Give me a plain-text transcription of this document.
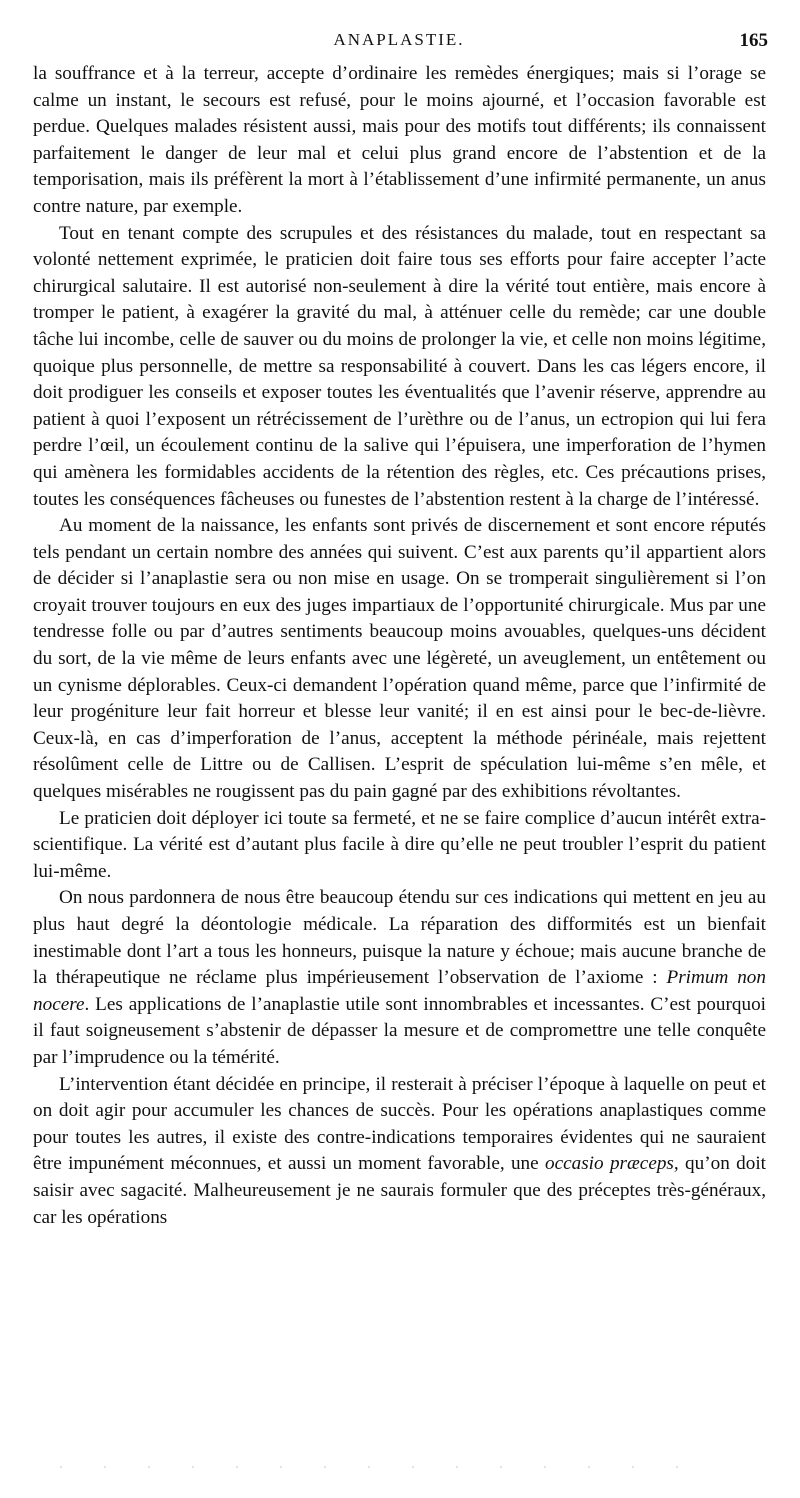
ANAPLASTIE.	165

la souffrance et à la terreur, accepte d’ordinaire les remèdes énergiques; mais si l’orage se calme un instant, le secours est refusé, pour le moins ajourné, et l’occasion favorable est perdue. Quelques malades résistent aussi, mais pour des motifs tout différents; ils connaissent parfaitement le danger de leur mal et celui plus grand encore de l’abstention et de la temporisation, mais ils préfèrent la mort à l’établissement d’une infirmité permanente, un anus contre nature, par exemple.

Tout en tenant compte des scrupules et des résistances du malade, tout en respectant sa volonté nettement exprimée, le praticien doit faire tous ses efforts pour faire accepter l’acte chirurgical salutaire. Il est autorisé non-seulement à dire la vérité tout entière, mais encore à tromper le patient, à exagérer la gravité du mal, à atténuer celle du remède; car une double tâche lui incombe, celle de sauver ou du moins de prolonger la vie, et celle non moins légitime, quoique plus personnelle, de mettre sa responsabilité à couvert. Dans les cas légers encore, il doit prodiguer les conseils et exposer toutes les éventualités que l’avenir réserve, apprendre au patient à quoi l’exposent un rétrécissement de l’urèthre ou de l’anus, un ectropion qui lui fera perdre l’œil, un écoulement continu de la salive qui l’épuisera, une imperforation de l’hymen qui amènera les formidables accidents de la rétention des règles, etc. Ces précautions prises, toutes les conséquences fâcheuses ou funestes de l’abstention restent à la charge de l’intéressé.

Au moment de la naissance, les enfants sont privés de discernement et sont encore réputés tels pendant un certain nombre des années qui suivent. C’est aux parents qu’il appartient alors de décider si l’anaplastie sera ou non mise en usage. On se tromperait singulièrement si l’on croyait trouver toujours en eux des juges impartiaux de l’opportunité chirurgicale. Mus par une tendresse folle ou par d’autres sentiments beaucoup moins avouables, quelques-uns décident du sort, de la vie même de leurs enfants avec une légèreté, un aveuglement, un entêtement ou un cynisme déplorables. Ceux-ci demandent l’opération quand même, parce que l’infirmité de leur progéniture leur fait horreur et blesse leur vanité; il en est ainsi pour le bec-de-lièvre. Ceux-là, en cas d’imperforation de l’anus, acceptent la méthode périnéale, mais rejettent résolûment celle de Littre ou de Callisen. L’esprit de spéculation lui-même s’en mêle, et quelques misérables ne rougissent pas du pain gagné par des exhibitions révoltantes.

Le praticien doit déployer ici toute sa fermeté, et ne se faire complice d’aucun intérêt extra-scientifique. La vérité est d’autant plus facile à dire qu’elle ne peut troubler l’esprit du patient lui-même.

On nous pardonnera de nous être beaucoup étendu sur ces indications qui mettent en jeu au plus haut degré la déontologie médicale. La réparation des difformités est un bienfait inestimable dont l’art a tous les honneurs, puisque la nature y échoue; mais aucune branche de la thérapeutique ne réclame plus impérieusement l’observation de l’axiome : Primum non nocere. Les applications de l’anaplastie utile sont innombrables et incessantes. C’est pourquoi il faut soigneusement s’abstenir de dépasser la mesure et de compromettre une telle conquête par l’imprudence ou la témérité.

L’intervention étant décidée en principe, il resterait à préciser l’époque à laquelle on peut et on doit agir pour accumuler les chances de succès. Pour les opérations anaplastiques comme pour toutes les autres, il existe des contre-indications temporaires évidentes qui ne sauraient être impunément méconnues, et aussi un moment favorable, une occasio præceps, qu’on doit saisir avec sagacité. Malheureusement je ne saurais formuler que des préceptes très-généraux, car les opérations
